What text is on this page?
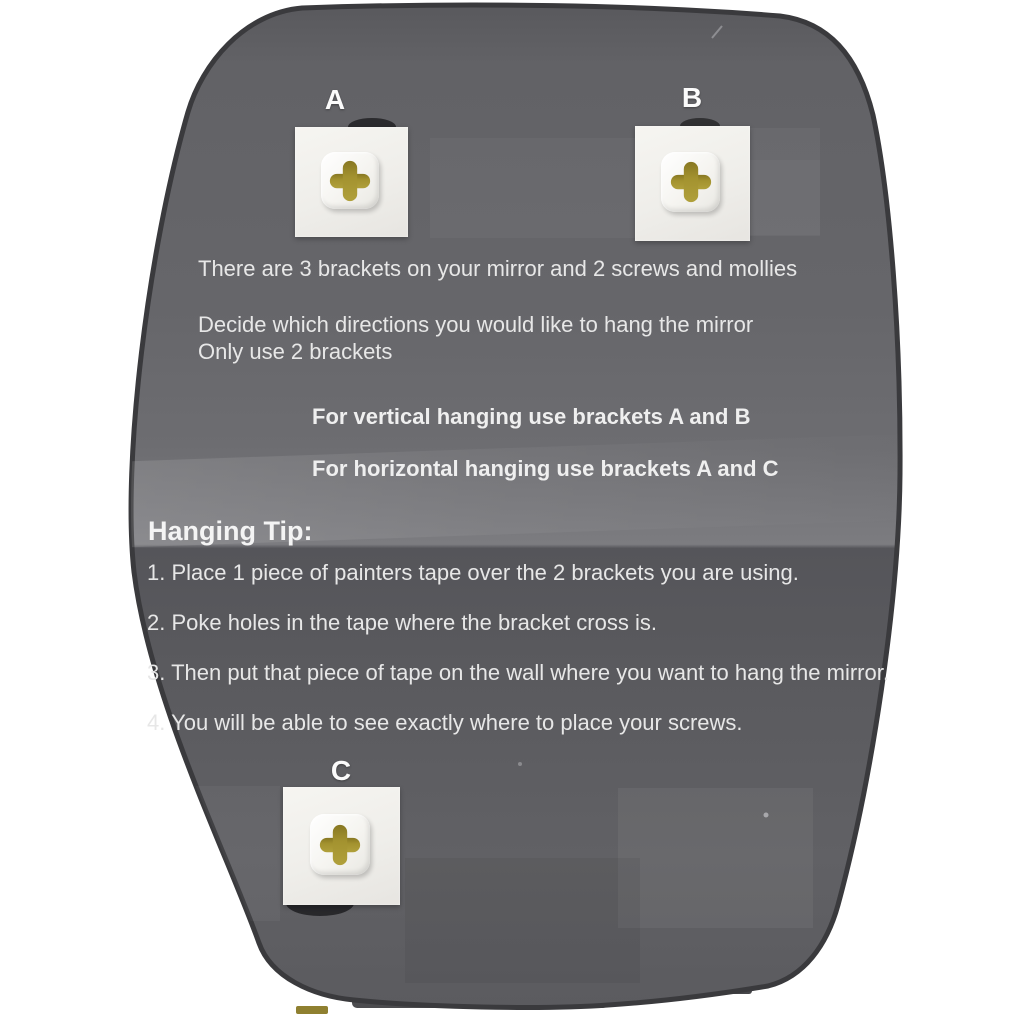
A	B
C
There are 3 brackets on your mirror and 2 screws and mollies
Decide which directions you would like to hang the mirror
Only use 2 brackets
For vertical hanging use brackets A and B
For horizontal hanging use brackets A and C
Hanging Tip:
1. Place 1 piece of painters tape over the 2 brackets you are using.
2. Poke holes in the tape where the bracket cross is.
3. Then put that piece of tape on the wall where you want to hang the mirror.
4. You will be able to see exactly where to place your screws.
